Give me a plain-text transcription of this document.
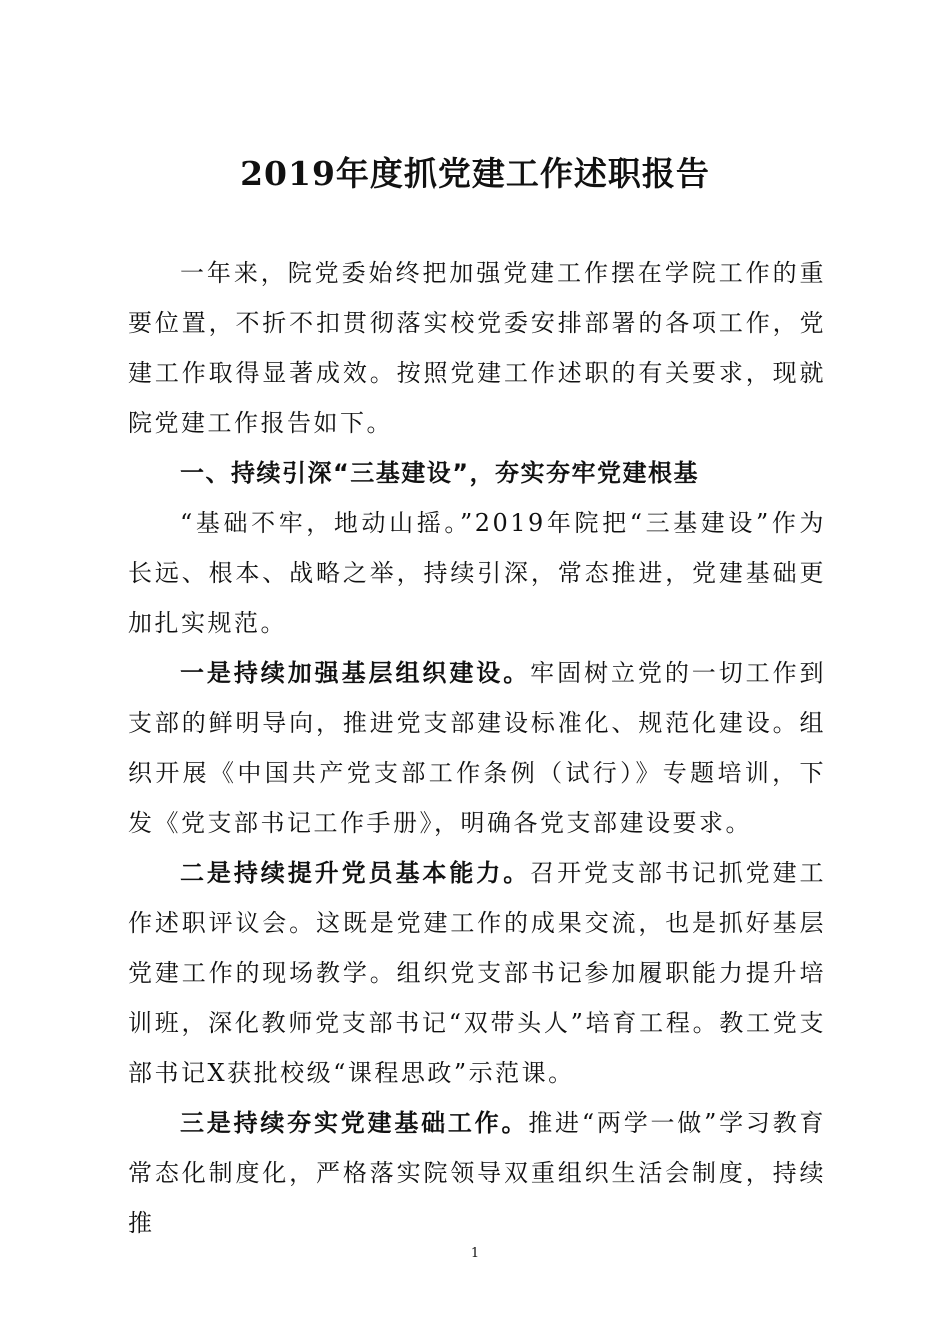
2019年度抓党建工作述职报告

一年来，院党委始终把加强党建工作摆在学院工作的重要位置，不折不扣贯彻落实校党委安排部署的各项工作，党建工作取得显著成效。按照党建工作述职的有关要求，现就院党建工作报告如下。

一、持续引深“三基建设”，夯实夯牢党建根基

“基础不牢，地动山摇。”2019年院把“三基建设”作为长远、根本、战略之举，持续引深，常态推进，党建基础更加扎实规范。

一是持续加强基层组织建设。牢固树立党的一切工作到支部的鲜明导向，推进党支部建设标准化、规范化建设。组织开展《中国共产党支部工作条例（试行）》专题培训，下发《党支部书记工作手册》，明确各党支部建设要求。

二是持续提升党员基本能力。召开党支部书记抓党建工作述职评议会。这既是党建工作的成果交流，也是抓好基层党建工作的现场教学。组织党支部书记参加履职能力提升培训班，深化教师党支部书记“双带头人”培育工程。教工党支部书记X获批校级“课程思政”示范课。

三是持续夯实党建基础工作。推进“两学一做”学习教育常态化制度化，严格落实院领导双重组织生活会制度，持续推

1
